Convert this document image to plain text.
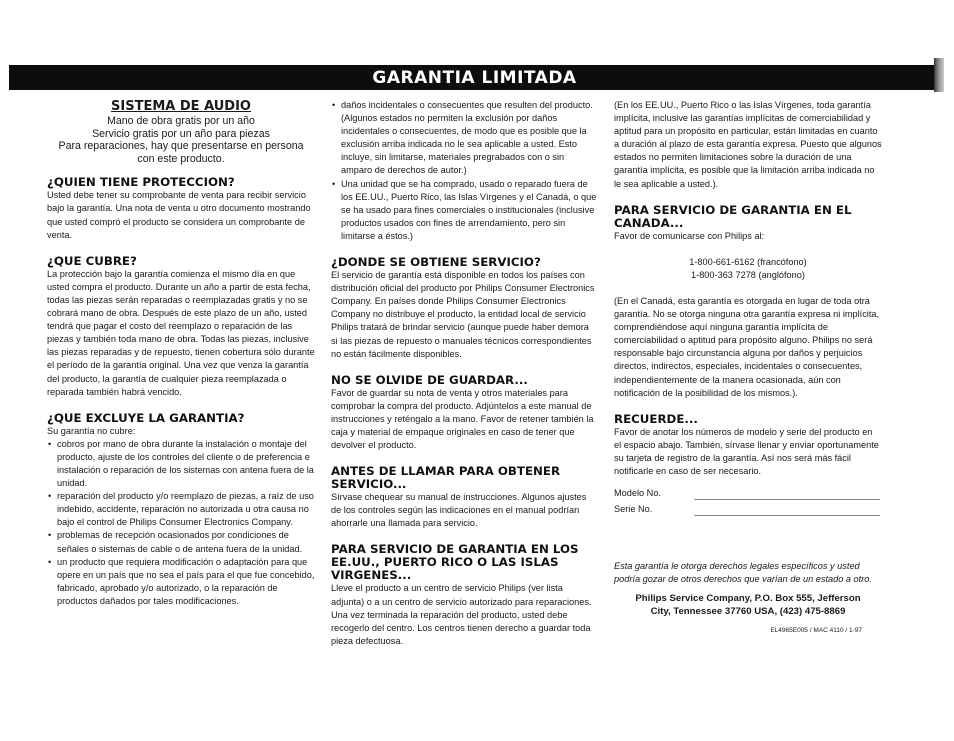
GARANTIA LIMITADA
SISTEMA DE AUDIO
Mano de obra gratis por un año
Servicio gratis por un año para piezas
Para reparaciones, hay que presentarse en persona
con este producto.
¿QUIEN TIENE PROTECCION?

Usted debe tener su comprobante de venta para recibir servicio bajo la garantía. Una nota de venta u otro documento mostrando que usted compró el producto se considera un comprobante de venta.

¿QUE CUBRE?

La protección bajo la garantía comienza el mismo día en que usted compra el producto. Durante un año a partir de esta fecha, todas las piezas serán reparadas o reemplazadas gratis y no se cobrará mano de obra. Después de este plazo de un año, usted tendrá que pagar el costo del reemplazo o reparación de las piezas y también toda mano de obra. Todas las piezas, inclusive las piezas reparadas y de repuesto, tienen cobertura sólo durante el período de la garantía original. Una vez que venza la garantía del producto, la garantía de cualquier pieza reemplazada o reparada también habrá vencido.

¿QUE EXCLUYE LA GARANTIA?

Su garantía no cubre:

• cobros por mano de obra durante la instalación o montaje del producto, ajuste de los controles del cliente o de preferencia e instalación o reparación de los sistemas con antena fuera de la unidad.
• reparación del producto y/o reemplazo de piezas, a raíz de uso indebido, accidente, reparación no autorizada u otra causa no bajo el control de Philips Consumer Electronics Company.
• problemas de recepción ocasionados por condiciones de señales o sistemas de cable o de antena fuera de la unidad.
• un producto que requiera modificación o adaptación para que opere en un país que no sea el país para el que fue concebido, fabricado, aprobado y/o autorizado, o la reparación de productos dañados por tales modificaciones.
• daños incidentales o consecuentes que resulten del producto. (Algunos estados no permiten la exclusión por daños incidentales o consecuentes, de modo que es posible que la exclusión arriba indicada no le sea aplicable a usted. Esto incluye, sin limitarse, materiales pregrabados con o sin amparo de derechos de autor.)
• Una unidad que se ha comprado, usado o reparado fuera de los EE.UU., Puerto Rico, las Islas Vírgenes y el Canadá, o que se ha usado para fines comerciales o institucionales (inclusive productos usados con fines de arrendamiento, pero sin limitarse a éstos.)
¿DONDE SE OBTIENE SERVICIO?

El servicio de garantía está disponible en todos los países con distribución oficial del producto por Philips Consumer Electronics Company. En países donde Philips Consumer Electronics Company no distribuye el producto, la entidad local de servicio Philips tratará de brindar servicio (aunque puede haber demora si las piezas de repuesto o manuales técnicos correspondientes no están fácilmente disponibles.

NO SE OLVIDE DE GUARDAR...

Favor de guardar su nota de venta y otros materiales para comprobar la compra del producto. Adjúntelos a este manual de instrucciones y reténgalo a la mano. Favor de retener también la caja y material de empaque originales en caso de tener que devolver el producto.

ANTES DE LLAMAR PARA OBTENER SERVICIO...

Sírvase chequear su manual de instrucciones. Algunos ajustes de los controles según las indicaciones en el manual podrían ahorrarle una llamada para servicio.

PARA SERVICIO DE GARANTIA EN LOS EE.UU., PUERTO RICO O LAS ISLAS VIRGENES...

Lleve el producto a un centro de servicio Philips (ver lista adjunta) o a un centro de servicio autorizado para reparaciones. Una vez terminada la reparación del producto, usted debe recogerlo del centro. Los centros tienen derecho a guardar toda pieza defectuosa.

(En los EE.UU., Puerto Rico o las Islas Vírgenes, toda garantía implícita, inclusive las garantías implícitas de comerciabilidad y aptitud para un propósito en particular, están limitadas en cuanto a duración al plazo de esta garantía expresa. Puesto que algunos estados no permiten limitaciones sobre la duración de una garantía implícita, es posible que la limitación arriba indicada no le sea aplicable a usted.).

PARA SERVICIO DE GARANTIA EN EL CANADA...

Favor de comunicarse con Philips al:

1-800-661-6162 (francófono)
1-800-363 7278 (anglófono)

(En el Canadá, esta garantía es otorgada en lugar de toda otra garantía. No se otorga ninguna otra garantía expresa ni implícita, comprendiéndose aquí ninguna garantía implícita de comerciabilidad o aptitud para propósito alguno. Philips no será responsable bajo circunstancia alguna por daños y perjuicios directos, indirectos, especiales, incidentales o consecuentes, independientemente de la manera ocasionada, aún con notificación de la posibilidad de los mismos.).

RECUERDE...

Favor de anotar los números de modelo y serie del producto en el espacio abajo. También, sírvase llenar y enviar oportunamente su tarjeta de registro de la garantía. Así nos será más fácil notificarle en caso de ser necesario.

Modelo No.
Serie No.

Esta garantía le otorga derechos legales específicos y usted podría gozar de otros derechos que varían de un estado a otro.

Philips Service Company, P.O. Box 555, Jefferson
City, Tennessee 37760 USA, (423) 475-8869
EL4965E005 / MAC 4110 / 1-97
